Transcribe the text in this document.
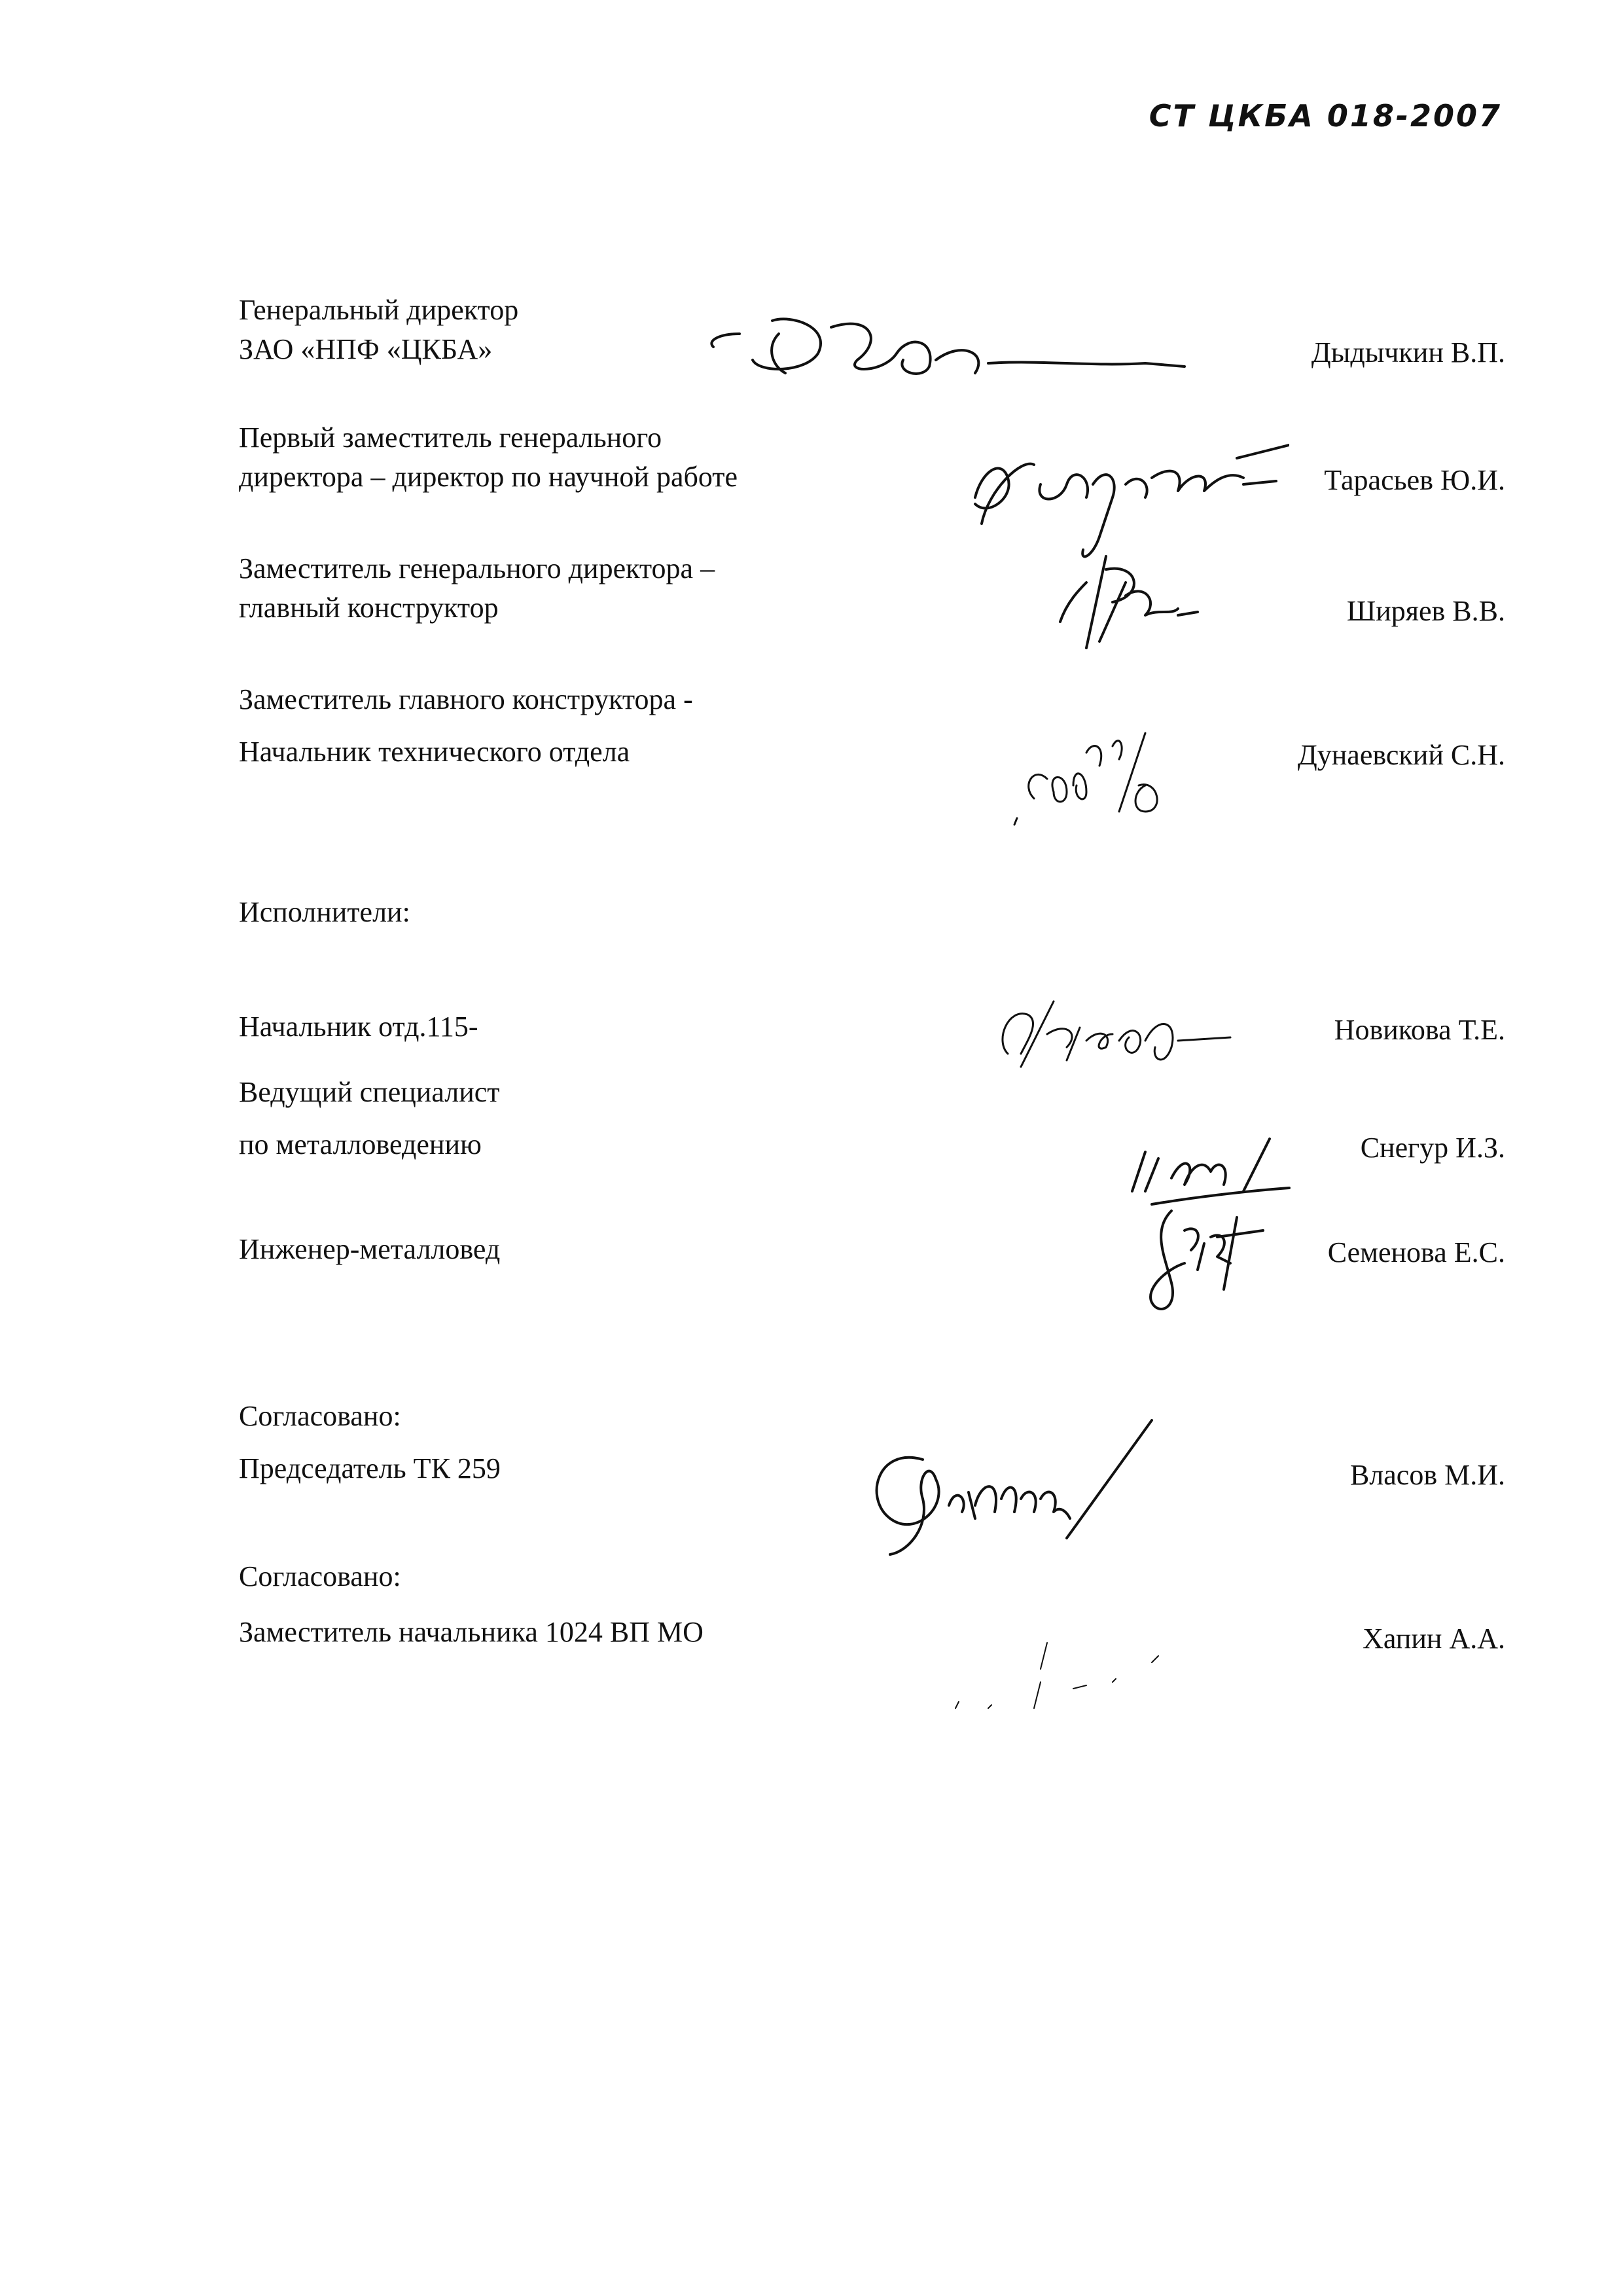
СТ ЦКБА 018-2007
Генеральный директор
ЗАО «НПФ «ЦКБА»	Дыдычкин В.П.
Первый заместитель генерального
директора – директор по научной работе	Тарасьев Ю.И.
Заместитель генерального директора –
главный конструктор	Ширяев В.В.
Заместитель главного конструктора -
Начальник технического отдела	Дунаевский С.Н.
Исполнители:
Начальник отд.115-	Новикова Т.Е.
Ведущий специалист
по металловедению	Снегур И.З.
Инженер-металловед	Семенова Е.С.
Согласовано:
Председатель ТК 259	Власов М.И.
Согласовано:
Заместитель начальника 1024 ВП МО	Хапин А.А.
